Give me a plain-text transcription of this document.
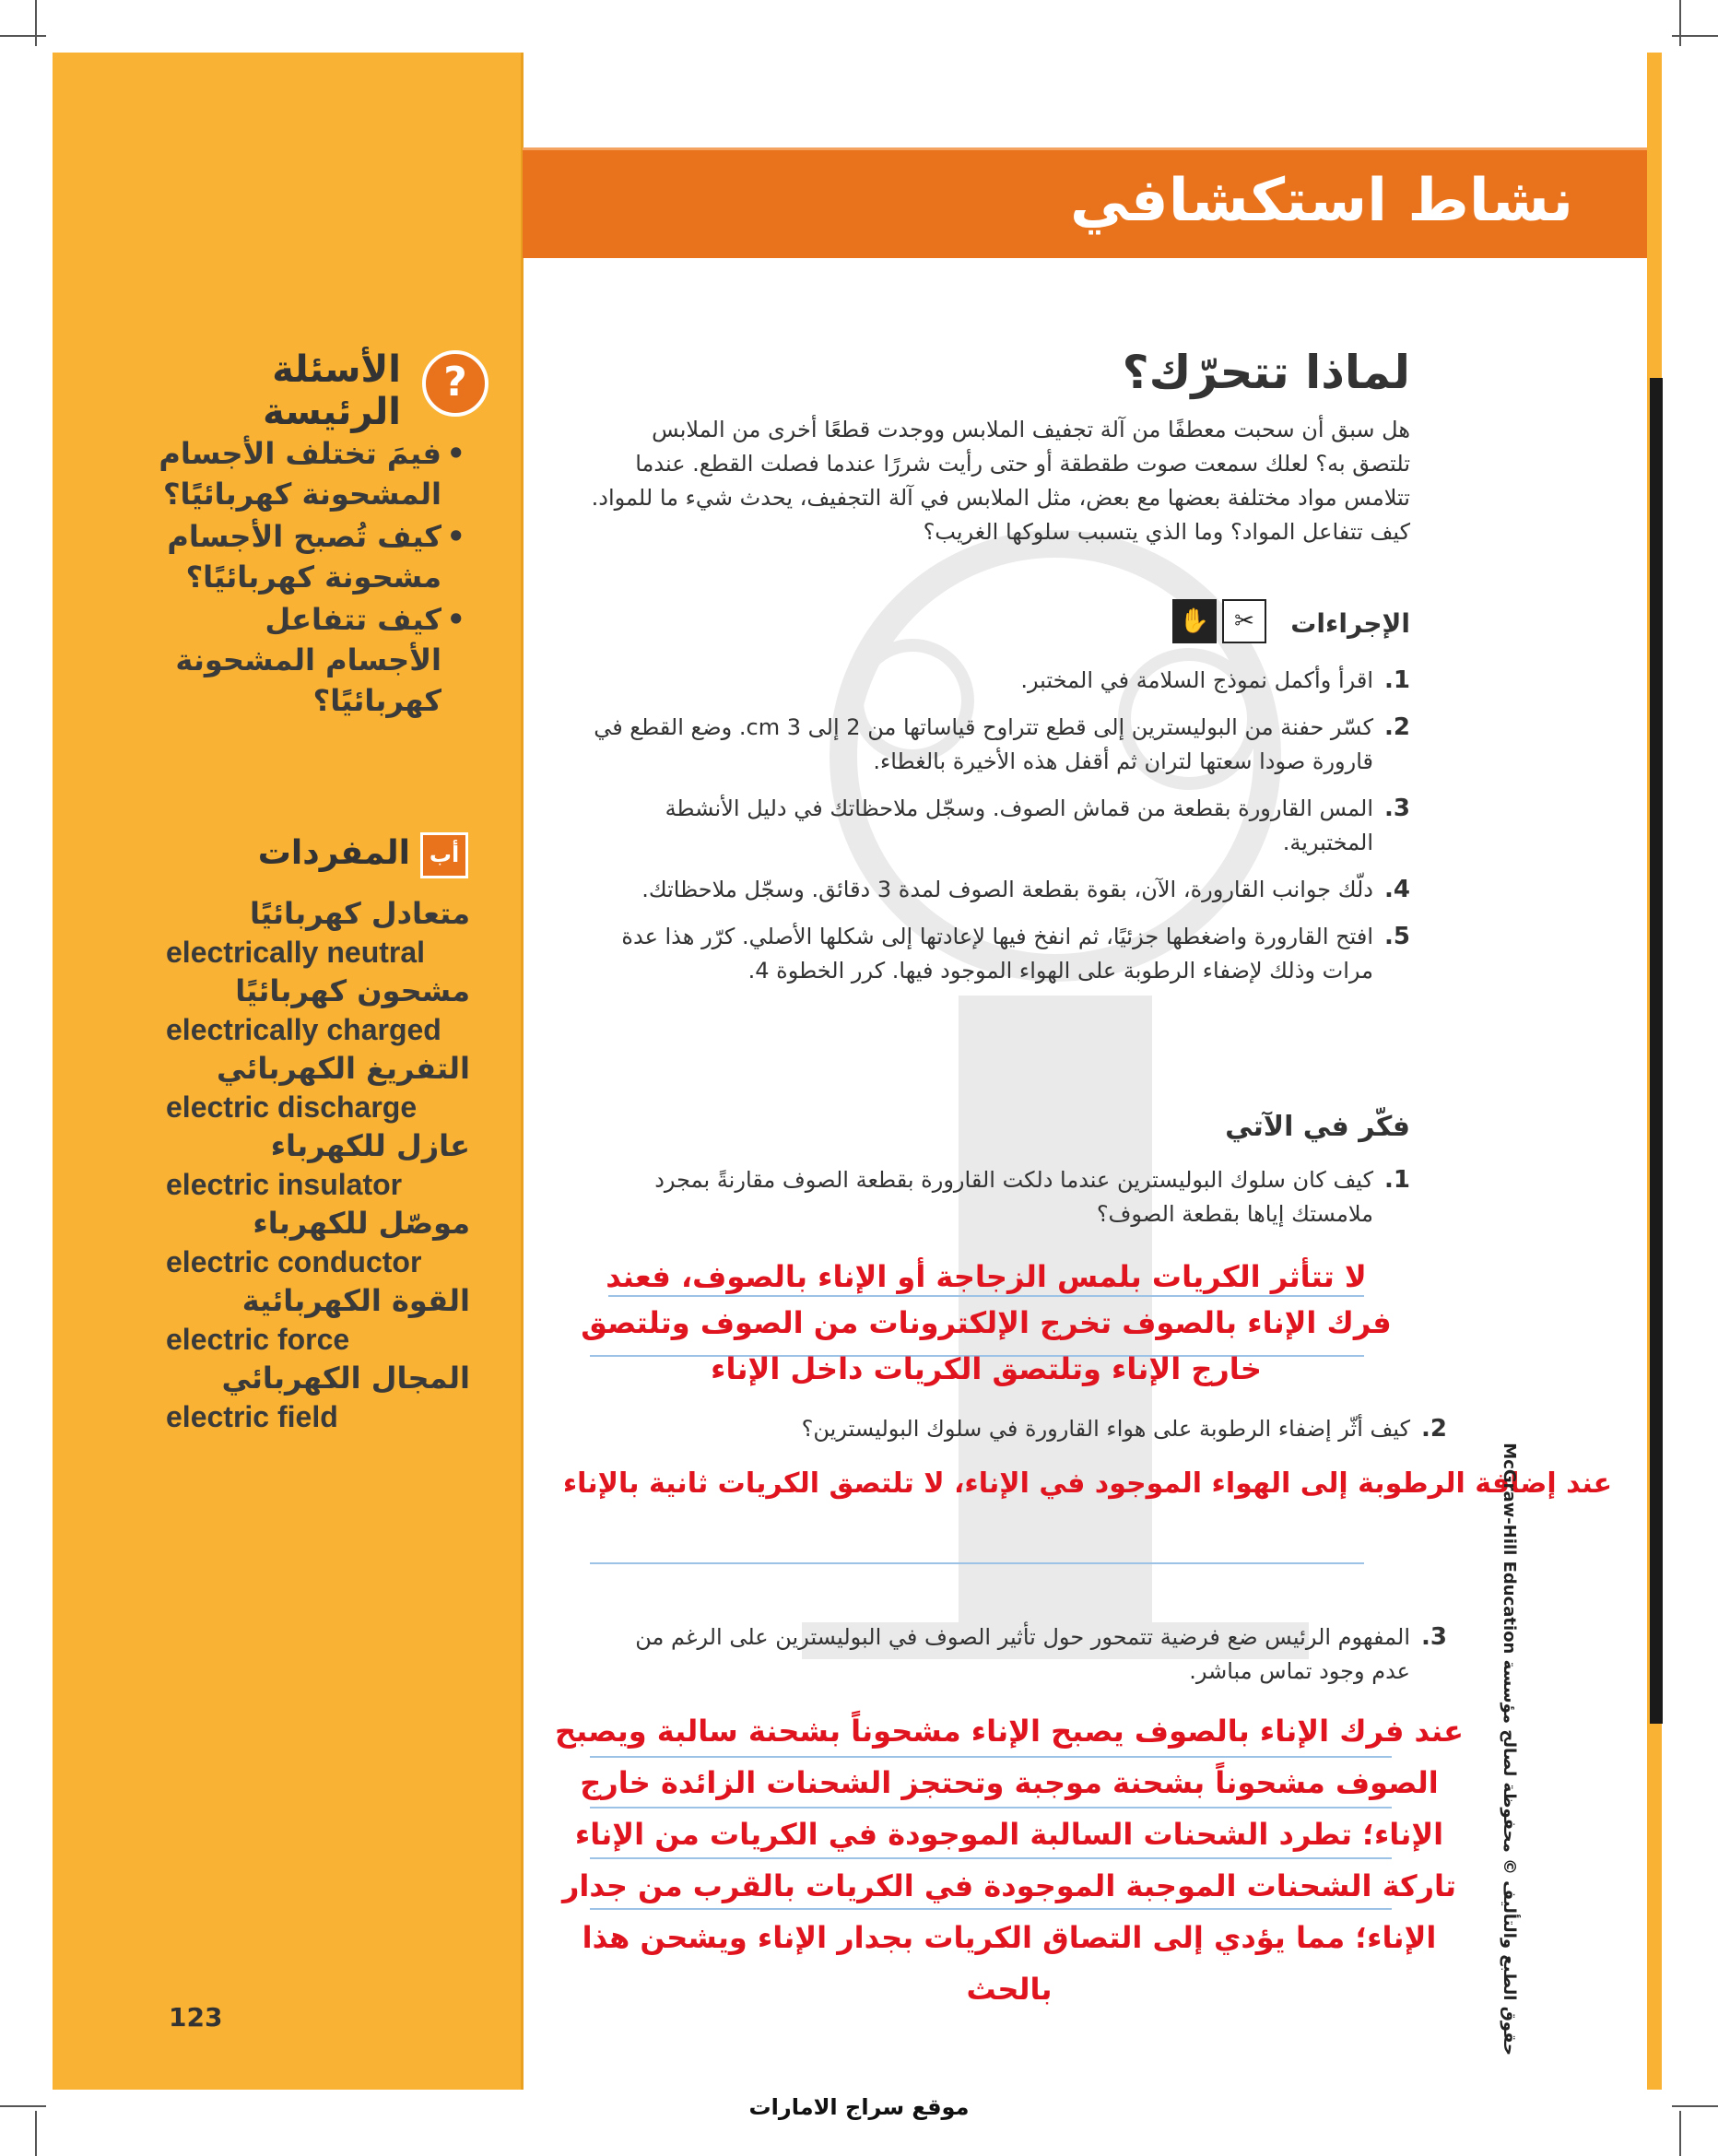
نشاط استكشافي
?
الأسئلة الرئيسة
• فيمَ تختلف الأجسام المشحونة كهربائيًا؟
• كيف تُصبح الأجسام مشحونة كهربائيًا؟
• كيف تتفاعل الأجسام المشحونة كهربائيًا؟
أب
المفردات
متعادل كهربائيًا
electrically neutral
مشحون كهربائيًا
electrically charged
التفريغ الكهربائي
electric discharge
عازل للكهرباء
electric insulator
موصّل للكهرباء
electric conductor
القوة الكهربائية
electric force
المجال الكهربائي
electric field
123
لماذا تتحرّك؟
هل سبق أن سحبت معطفًا من آلة تجفيف الملابس ووجدت قطعًا أخرى من الملابس تلتصق به؟ لعلك سمعت صوت طقطقة أو حتى رأيت شررًا عندما فصلت القطع. عندما تتلامس مواد مختلفة بعضها مع بعض، مثل الملابس في آلة التجفيف، يحدث شيء ما للمواد. كيف تتفاعل المواد؟ وما الذي يتسبب سلوكها الغريب؟
الإجراءات
✋ ✂
1.
اقرأ وأكمل نموذج السلامة في المختبر.
2.
كسّر حفنة من البوليسترين إلى قطع تتراوح قياساتها من 2 إلى 3 cm. وضع القطع في قارورة صودا سعتها لتران ثم أقفل هذه الأخيرة بالغطاء.
3.
المس القارورة بقطعة من قماش الصوف. وسجّل ملاحظاتك في دليل الأنشطة المختبرية.
4.
دلّك جوانب القارورة، الآن، بقوة بقطعة الصوف لمدة 3 دقائق. وسجّل ملاحظاتك.
5.
افتح القارورة واضغطها جزئيًا، ثم انفخ فيها لإعادتها إلى شكلها الأصلي. كرّر هذا عدة مرات وذلك لإضفاء الرطوبة على الهواء الموجود فيها. كرر الخطوة 4.
فكّر في الآتي
1.
كيف كان سلوك البوليسترين عندما دلكت القارورة بقطعة الصوف مقارنةً بمجرد ملامستك إياها بقطعة الصوف؟
لا تتأثر الكريات بلمس الزجاجة أو الإناء بالصوف، فعند فرك الإناء بالصوف تخرج الإلكترونات من الصوف وتلتصق خارج الإناء وتلتصق الكريات داخل الإناء
2.
كيف أثّر إضفاء الرطوبة على هواء القارورة في سلوك البوليسترين؟
عند إضافة الرطوبة إلى الهواء الموجود في الإناء، لا تلتصق الكريات ثانية بالإناء
3.
المفهوم الرئيس ضع فرضية تتمحور حول تأثير الصوف في البوليسترين على الرغم من عدم وجود تماس مباشر.
عند فرك الإناء بالصوف يصبح الإناء مشحوناً بشحنة سالبة ويصبح الصوف مشحوناً بشحنة موجبة وتحتجز الشحنات الزائدة خارج الإناء؛ تطرد الشحنات السالبة الموجودة في الكريات من الإناء تاركة الشحنات الموجبة الموجودة في الكريات بالقرب من جدار الإناء؛ مما يؤدي إلى التصاق الكريات بجدار الإناء ويشحن هذا بالحث
حقوق الطبع والتأليف © محفوظة لصالح مؤسسة McGraw-Hill Education
موقع سراج الامارات
